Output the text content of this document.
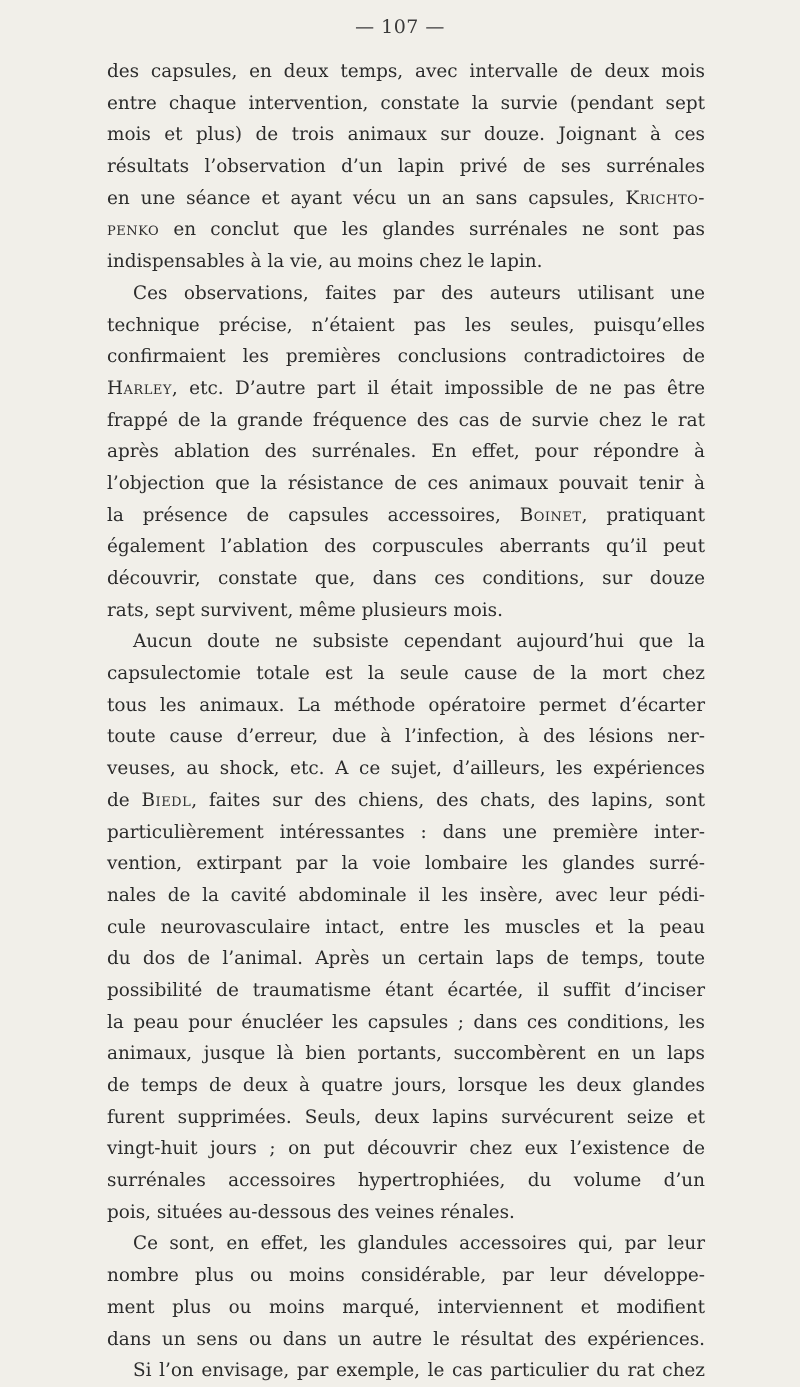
— 107 —
des capsules, en deux temps, avec intervalle de deux mois
entre chaque intervention, constate la survie (pendant sept
mois et plus) de trois animaux sur douze. Joignant à ces
résultats l’observation d’un lapin privé de ses surrénales
en une séance et ayant vécu un an sans capsules, Krichto-
penko en conclut que les glandes surrénales ne sont pas
indispensables à la vie, au moins chez le lapin.
Ces observations, faites par des auteurs utilisant une
technique précise, n’étaient pas les seules, puisqu’elles
confirmaient les premières conclusions contradictoires de
Harley, etc. D’autre part il était impossible de ne pas être
frappé de la grande fréquence des cas de survie chez le rat
après ablation des surrénales. En effet, pour répondre à
l’objection que la résistance de ces animaux pouvait tenir à
la présence de capsules accessoires, Boinet, pratiquant
également l’ablation des corpuscules aberrants qu’il peut
découvrir, constate que, dans ces conditions, sur douze
rats, sept survivent, même plusieurs mois.
Aucun doute ne subsiste cependant aujourd’hui que la
capsulectomie totale est la seule cause de la mort chez
tous les animaux. La méthode opératoire permet d’écarter
toute cause d’erreur, due à l’infection, à des lésions ner-
veuses, au shock, etc. A ce sujet, d’ailleurs, les expériences
de Biedl, faites sur des chiens, des chats, des lapins, sont
particulièrement intéressantes : dans une première inter-
vention, extirpant par la voie lombaire les glandes surré-
nales de la cavité abdominale il les insère, avec leur pédi-
cule neurovasculaire intact, entre les muscles et la peau
du dos de l’animal. Après un certain laps de temps, toute
possibilité de traumatisme étant écartée, il suffit d’inciser
la peau pour énucléer les capsules ; dans ces conditions, les
animaux, jusque là bien portants, succombèrent en un laps
de temps de deux à quatre jours, lorsque les deux glandes
furent supprimées. Seuls, deux lapins survécurent seize et
vingt-huit jours ; on put découvrir chez eux l’existence de
surrénales accessoires hypertrophiées, du volume d’un
pois, situées au-dessous des veines rénales.
Ce sont, en effet, les glandules accessoires qui, par leur
nombre plus ou moins considérable, par leur développe-
ment plus ou moins marqué, interviennent et modifient
dans un sens ou dans un autre le résultat des expériences.
Si l’on envisage, par exemple, le cas particulier du rat chez
